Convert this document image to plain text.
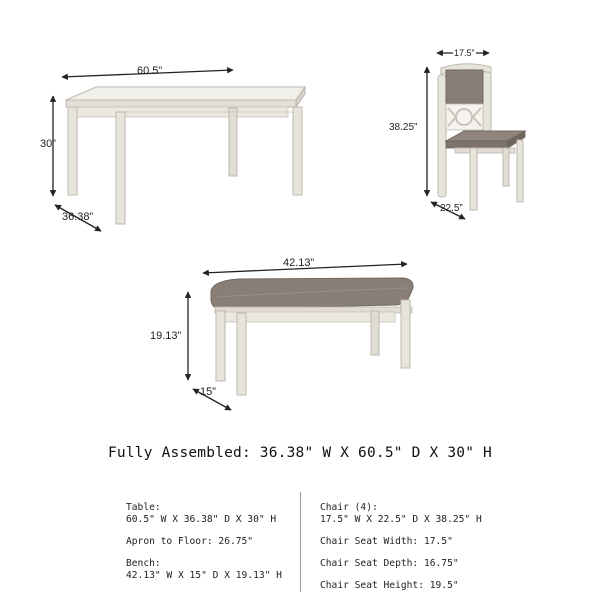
60.5”
30”
36.38”
17.5”
38.25”
22.5”
42.13”
19.13”
15”
Fully Assembled: 36.38" W X 60.5" D X 30" H
Table:
60.5" W X 36.38" D X 30" H
Apron to Floor: 26.75"
Bench:
42.13" W X 15" D X 19.13" H
Chair (4):
17.5" W X 22.5" D X 38.25" H
Chair Seat Width: 17.5"
Chair Seat Depth: 16.75"
Chair Seat Height: 19.5"
